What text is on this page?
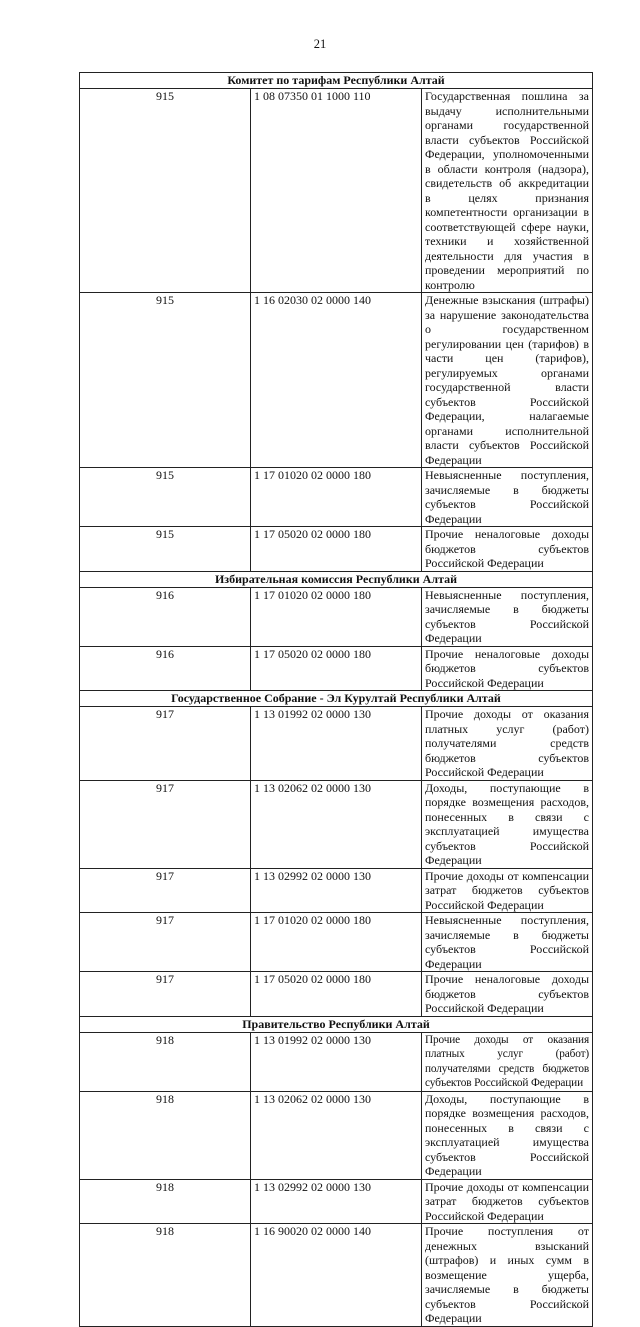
21
Комитет по тарифам Республики Алтай		
915	1 08 07350 01 1000 110	Государственная пошлина за выдачу исполнительными органами государственной власти субъектов Российской Федерации, уполномоченными в области контроля (надзора), свидетельств об аккредитации в целях признания компетентности организации в соответствующей сфере науки, техники и хозяйственной деятельности для участия в проведении мероприятий по контролю
915	1 16 02030 02 0000 140	Денежные взыскания (штрафы) за нарушение законодательства о государственном регулировании цен (тарифов) в части цен (тарифов), регулируемых органами государственной власти субъектов Российской Федерации, налагаемые органами исполнительной власти субъектов Российской Федерации
915	1 17 01020 02 0000 180	Невыясненные поступления, зачисляемые в бюджеты субъектов Российской Федерации
915	1 17 05020 02 0000 180	Прочие неналоговые доходы бюджетов субъектов Российской Федерации
Избирательная комиссия Республики Алтай		
916	1 17 01020 02 0000 180	Невыясненные поступления, зачисляемые в бюджеты субъектов Российской Федерации
916	1 17 05020 02 0000 180	Прочие неналоговые доходы бюджетов субъектов Российской Федерации
Государственное Собрание - Эл Курултай Республики Алтай		
917	1 13 01992 02 0000 130	Прочие доходы от оказания платных услуг (работ) получателями средств бюджетов субъектов Российской Федерации
917	1 13 02062 02 0000 130	Доходы, поступающие в порядке возмещения расходов, понесенных в связи с эксплуатацией имущества субъектов Российской Федерации
917	1 13 02992 02 0000 130	Прочие доходы от компенсации затрат бюджетов субъектов Российской Федерации
917	1 17 01020 02 0000 180	Невыясненные поступления, зачисляемые в бюджеты субъектов Российской Федерации
917	1 17 05020 02 0000 180	Прочие неналоговые доходы бюджетов субъектов Российской Федерации
Правительство Республики Алтай		
918	1 13 01992 02 0000 130	Прочие доходы от оказания платных услуг (работ) получателями средств бюджетов субъектов Российской Федерации
918	1 13 02062 02 0000 130	Доходы, поступающие в порядке возмещения расходов, понесенных в связи с эксплуатацией имущества субъектов Российской Федерации
918	1 13 02992 02 0000 130	Прочие доходы от компенсации затрат бюджетов субъектов Российской Федерации
918	1 16 90020 02 0000 140	Прочие поступления от денежных взысканий (штрафов) и иных сумм в возмещение ущерба, зачисляемые в бюджеты субъектов Российской Федерации
